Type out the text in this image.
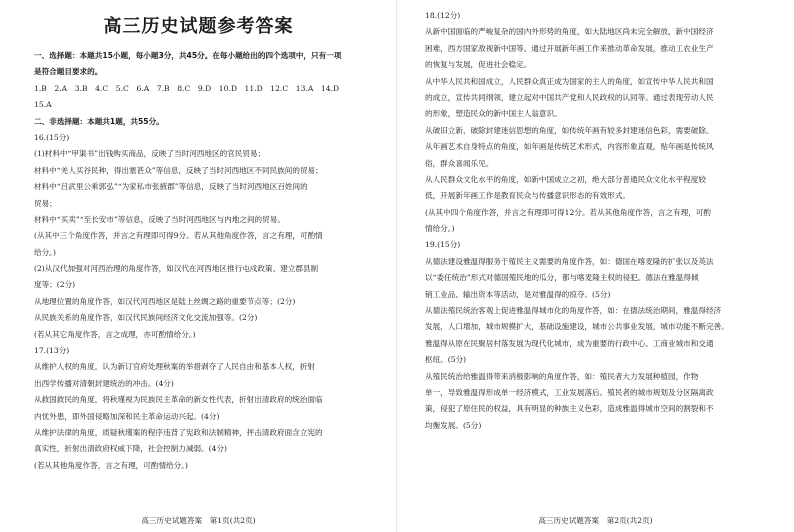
高三历史试题参考答案
一、选择题：本题共15小题，每小题3分，共45分。在每小题给出的四个选项中，只有一项
是符合题目要求的。
1.B　2.A　3.B　4.C　5.C　6.A　7.B　8.C　9.D　10.D　11.D　12.C　13.A　14.D
15.A
二、非选择题：本题共1题，共55分。
16.(15分)
(1)材料中“甲渠书”出钱购买商品，反映了当时河西地区的官民贸易；
材料中“羌人买谷民种，得出塞甚众”等信息，反映了当时河西地区不同民族间的贸易；
材料中“吕武里公乘郭弘”“为家私市张掖郡”等信息，反映了当时河西地区百姓间的
贸易；
材料中“买卖”“至长安市”等信息，反映了当时河西地区与内地之间的贸易。
(从其中三个角度作答，并言之有理即可得9分。若从其他角度作答，言之有理，可酌情
给分。)
(2)从汉代加强对河西治理的角度作答，如汉代在河西地区推行屯戍政策、建立郡县制
度等；(2分)
从地理位置的角度作答，如汉代河西地区是陆上丝绸之路的重要节点等；(2分)
从民族关系的角度作答，如汉代民族间经济文化交流加强等。(2分)
(若从其它角度作答，言之成理，亦可酌情给分。)
17.(13分)
从维护人权的角度，认为新订官府处理秋案的举措剥夺了人民自由和基本人权，折射
出西学传播对清朝封建统治的冲击。(4分)
从救国救民的角度，将秋瑾视为民族民主革命的新女性代表，折射出清政府的统治面临
内忧外患，即外国侵略加深和民主革命运动兴起。(4分)
从维护法律的角度，质疑秋瑾案的程序违背了宪政和法制精神，抨击清政府面含立宪的
真实性，折射出清政府权威下降，社会控制力减弱。(4分)
(若从其他角度作答，言之有理，可酌情给分。)
高三历史试题答案　第1页(共2页)
18.(12分)
从新中国面临的严峻复杂的国内外形势的角度，如大陆地区尚未完全解放，新中国经济
困难，西方国家敌视新中国等。通过开展新年画工作来推动革命发展，推动工农业生产
的恢复与发展，促进社会稳定。
从中华人民共和国成立，人民群众真正成为国家的主人的角度，如宣传中华人民共和国
的成立，宣传共同纲领，建立起对中国共产党和人民政权的认同等。通过表现劳动人民
的形象，塑造民众的新中国主人翁意识。
从破旧立新，破除封建迷信思想的角度，如传统年画有较多封建迷信色彩，需要破除。
从年画艺术自身特点的角度，如年画是传统艺术形式，内容形象直观，贴年画是传统风
俗，群众喜闻乐见。
从人民群众文化水平的角度，如新中国成立之初，绝大部分普通民众文化水平程度较
低，开展新年画工作是教育民众与传播意识形态的有效形式。
(从其中四个角度作答，并言之有理即可得12分。若从其他角度作答，言之有理，可酌
情给分。)
19.(15分)
从德法建设雅温得服务于殖民主义需要的角度作答，如：德国在喀麦隆的扩张以及英法
以“委任统治”形式对德国殖民地的瓜分，都与喀麦隆主权的侵犯。德法在雅温得倾
销工业品、输出资本等活动，是对雅温得的掠夺。(5分)
从德法殖民统治客观上促进雅温得城市化的角度作答，如：在德法统治期间，雅温得经济
发展，人口增加，城市规模扩大，基础设施建设，城市公共事业发展，城市功能不断完善。
雅温得从原在民聚居村落发展为现代化城市，成为重要的行政中心、工商业城市和交通
枢纽。(5分)
从殖民统治给雅温得带来消极影响的角度作答，如：殖民者大力发展种植园，作物
单一，导致雅温得形成单一经济模式，工业发展落后。殖民者的城市规划及分区隔离政
策，侵犯了原住民的权益，具有明显的种族主义色彩，造成雅温得城市空间的割裂和不
均衡发展。(5分)
高三历史试题答案　第2页(共2页)
